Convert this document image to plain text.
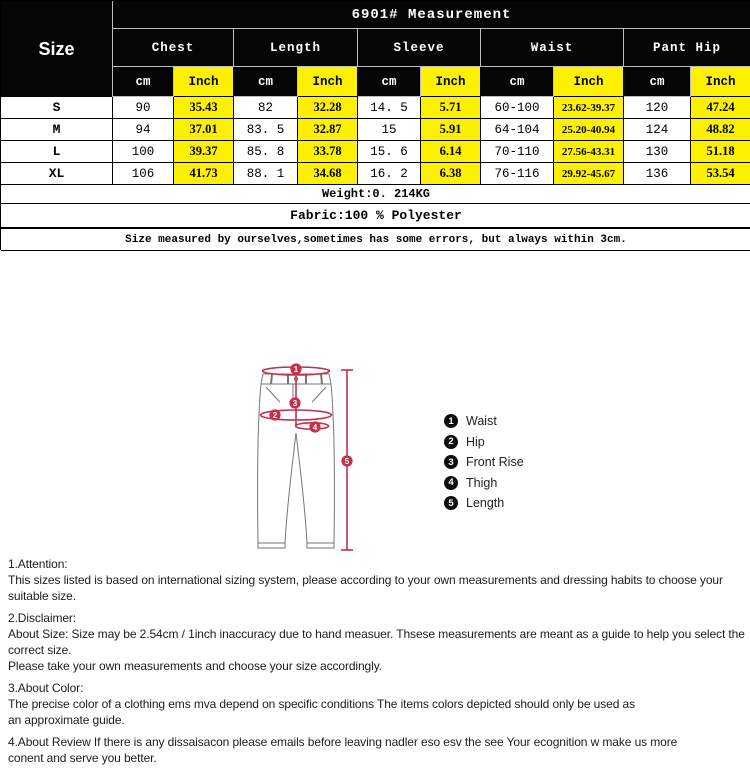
Size
6901# Measurement
Chest	Length	Sleeve	Waist	Pant Hip
cm	Inch	cm	Inch	cm	Inch	cm	Inch	cm	Inch
S	90	35.43	82	32.28	14. 5	5.71	60-100	23.62-39.37	120	47.24
M	94	37.01	83. 5	32.87	15	5.91	64-104	25.20-40.94	124	48.82
L	100	39.37	85. 8	33.78	15. 6	6.14	70-110	27.56-43.31	130	51.18
XL	106	41.73	88. 1	34.68	16. 2	6.38	76-116	29.92-45.67	136	53.54
Weight:0. 214KG
Fabric:100 % Polyester
Size measured by ourselves,sometimes has some errors, but always within 3cm.
1
2
3
4
5
1 Waist
2 Hip
3 Front Rise
4 Thigh
5 Length
1.Attention:
This sizes listed is based on international sizing system, please according to your own measurements and dressing habits to choose your suitable size.
2.Disclaimer:
About Size: Size may be 2.54cm / 1inch inaccuracy due to hand measuer. Thsese measurements are meant as a guide to help you select the correct size.
Please take your own measurements and choose your size accordingly.
3.About Color:
The precise color of a clothing ems mva depend on specific conditions The items colors depicted should only be used as
an approximate guide.
4.About Review If there is any dissaisacon please emails before leaving nadler eso esv the see Your ecognition w make us more
conent and serve you better.
